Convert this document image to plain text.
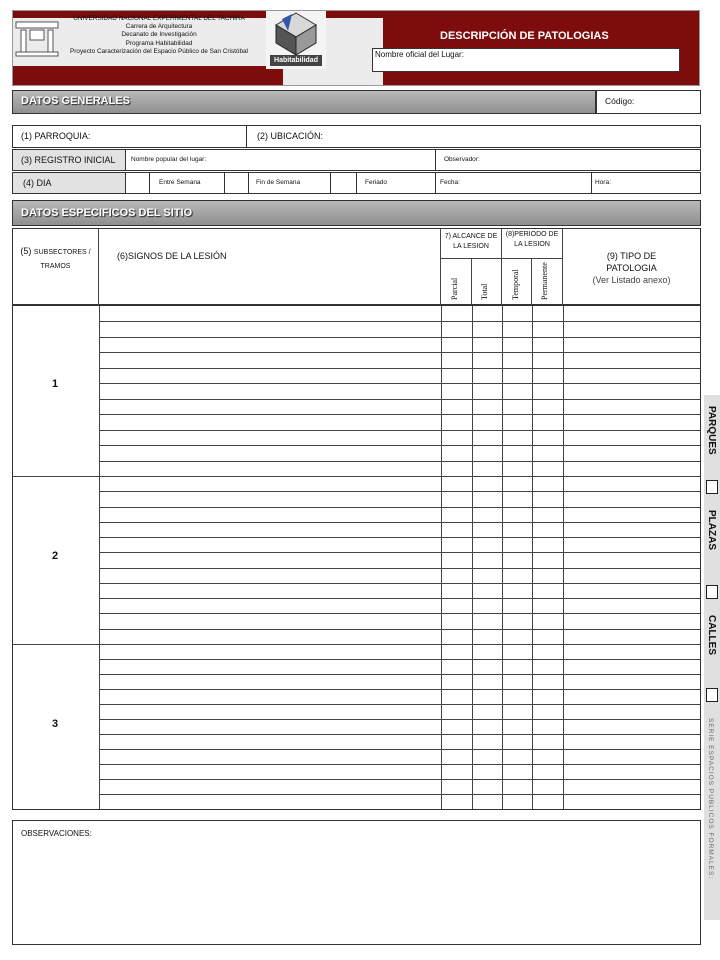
UNIVERSIDAD NACIONAL EXPERIMENTAL DEL TACHIRA
Carrera de Arquitectura
Decanato de Investigación
Programa Habitabilidad
Proyecto Caracterización del Espacio Público de San Cristóbal
Habitabilidad
DESCRIPCIÓN DE PATOLOGIAS
Nombre oficial del Lugar:
DATOS GENERALES	Código:
(1) PARROQUIA:	(2) UBICACIÓN:
(3) REGISTRO INICIAL Nombre popular del lugar:	Observador:
(4) DIA	Entre Semana	Fin de Semana	Feriado	Fecha:	Hora:
DATOS ESPECIFICOS DEL SITIO
(5) SUBSECTORES /
TRAMOS
(6)SIGNOS DE LA LESIÓN
7) ALCANCE DE
LA LESION
(8)PERIODO DE
LA LESION
Parcial	Total	Temporal	Permanente
(9) TIPO DE
PATOLOGIA
(Ver Listado anexo)
1
2
3
OBSERVACIONES:
PARQUES
PLAZAS
CALLES
SERIE ESPACIOS PUBLICOS FORMALES:
